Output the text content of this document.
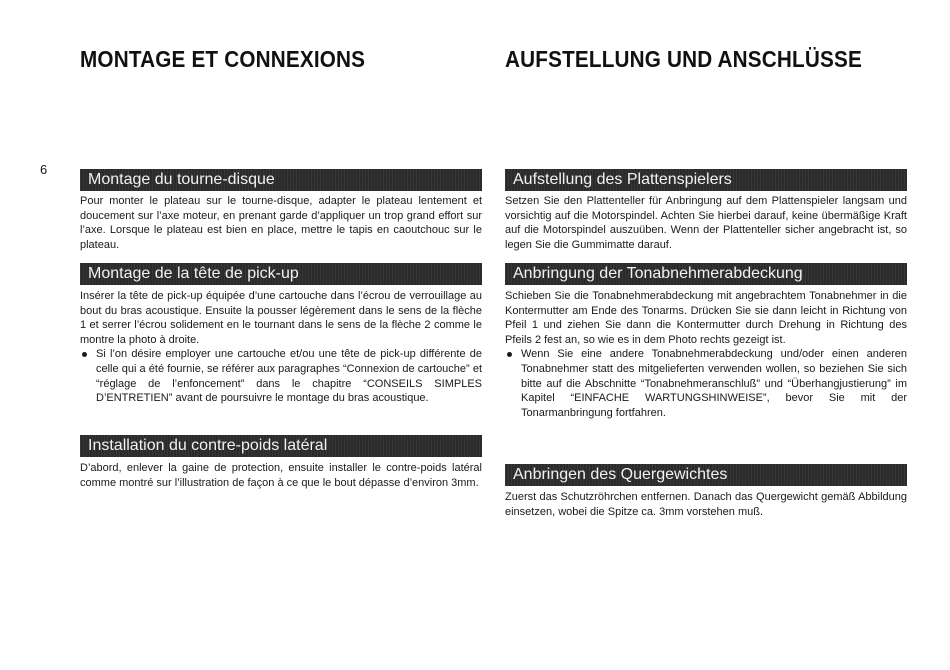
6
MONTAGE ET CONNEXIONS
Montage du tourne-disque

Pour monter le plateau sur le tourne-disque, adapter le plateau lentement et doucement sur l’axe moteur, en prenant garde d’appliquer un trop grand effort sur l’axe. Lorsque le plateau est bien en place, mettre le tapis en caoutchouc sur le plateau.

Montage de la tête de pick-up

Insérer la tête de pick-up équipée d’une cartouche dans l’écrou de verrouillage au bout du bras acoustique. Ensuite la pousser légèrement dans le sens de la flèche 1 et serrer l’écrou solidement en le tournant dans le sens de la flèche 2 comme le montre la photo à droite.

Si l’on désire employer une cartouche et/ou une tête de pick-up différente de celle qui a été fournie, se référer aux paragraphes “Connexion de cartouche” et “réglage de l’enfoncement” dans le chapitre “CONSEILS SIMPLES D’ENTRETIEN” avant de poursuivre le montage du bras acoustique.
Installation du contre-poids latéral

D’abord, enlever la gaine de protection, ensuite installer le contre-poids latéral comme montré sur l’illustration de façon à ce que le bout dépasse d’environ 3mm.

AUFSTELLUNG UND ANSCHLÜSSE
Aufstellung des Plattenspielers

Setzen Sie den Plattenteller für Anbringung auf dem Plattenspieler langsam und vorsichtig auf die Motorspindel. Achten Sie hierbei darauf, keine übermäßige Kraft auf die Motorspindel auszuüben. Wenn der Plattenteller sicher angebracht ist, so legen Sie die Gummimatte darauf.

Anbringung der Tonabnehmerabdeckung

Schieben Sie die Tonabnehmerabdeckung mit angebrachtem Tonabnehmer in die Kontermutter am Ende des Tonarms. Drücken Sie sie dann leicht in Richtung von Pfeil 1 und ziehen Sie dann die Kontermutter durch Drehung in Richtung des Pfeils 2 fest an, so wie es in dem Photo rechts gezeigt ist.

Wenn Sie eine andere Tonabnehmerabdeckung und/oder einen anderen Tonabnehmer statt des mitgelieferten verwenden wollen, so beziehen Sie sich bitte auf die Abschnitte “Tonabnehmeranschluß” und “Überhangjustierung” im Kapitel “EINFACHE WARTUNGSHINWEISE”, bevor Sie mit der Tonarmanbringung fortfahren.
Anbringen des Quergewichtes

Zuerst das Schutzröhrchen entfernen. Danach das Quergewicht gemäß Abbildung einsetzen, wobei die Spitze ca. 3mm vorstehen muß.
